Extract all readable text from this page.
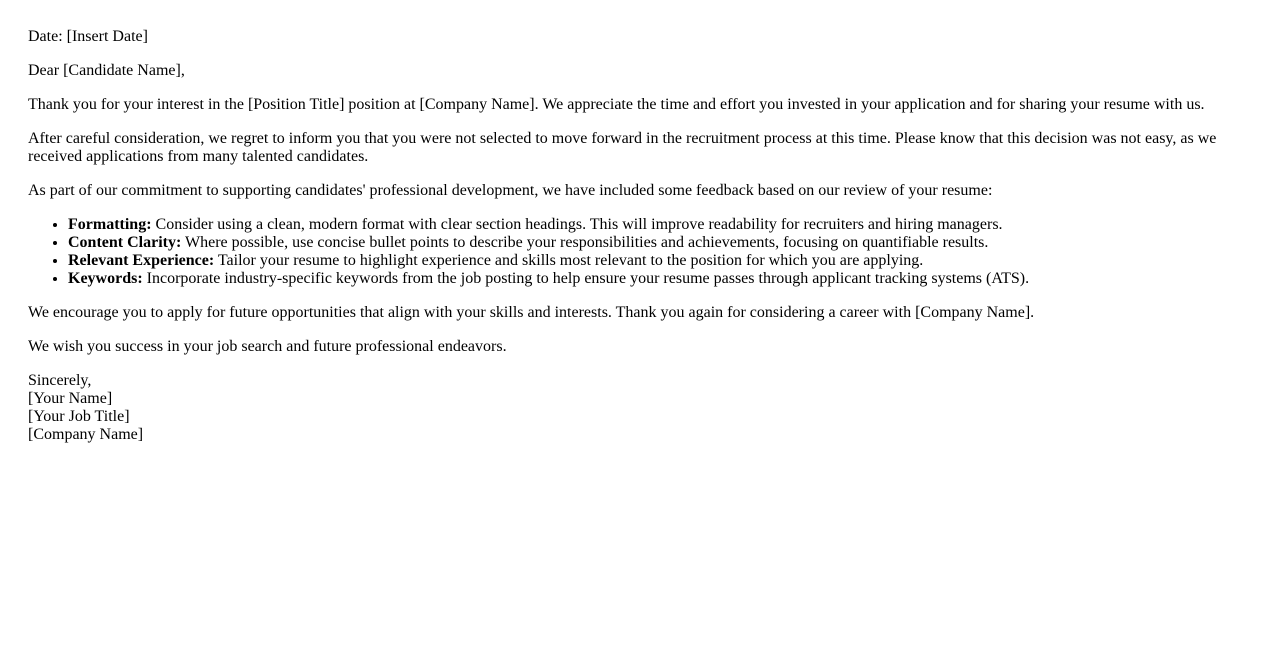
Date: [Insert Date]

Dear [Candidate Name],

Thank you for your interest in the [Position Title] position at [Company Name]. We appreciate the time and effort you invested in your application and for sharing your resume with us.

After careful consideration, we regret to inform you that you were not selected to move forward in the recruitment process at this time. Please know that this decision was not easy, as we received applications from many talented candidates.

As part of our commitment to supporting candidates' professional development, we have included some feedback based on our review of your resume:

• Formatting: Consider using a clean, modern format with clear section headings. This will improve readability for recruiters and hiring managers.
• Content Clarity: Where possible, use concise bullet points to describe your responsibilities and achievements, focusing on quantifiable results.
• Relevant Experience: Tailor your resume to highlight experience and skills most relevant to the position for which you are applying.
• Keywords: Incorporate industry-specific keywords from the job posting to help ensure your resume passes through applicant tracking systems (ATS).

We encourage you to apply for future opportunities that align with your skills and interests. Thank you again for considering a career with [Company Name].

We wish you success in your job search and future professional endeavors.

Sincerely,
[Your Name]
[Your Job Title]
[Company Name]
